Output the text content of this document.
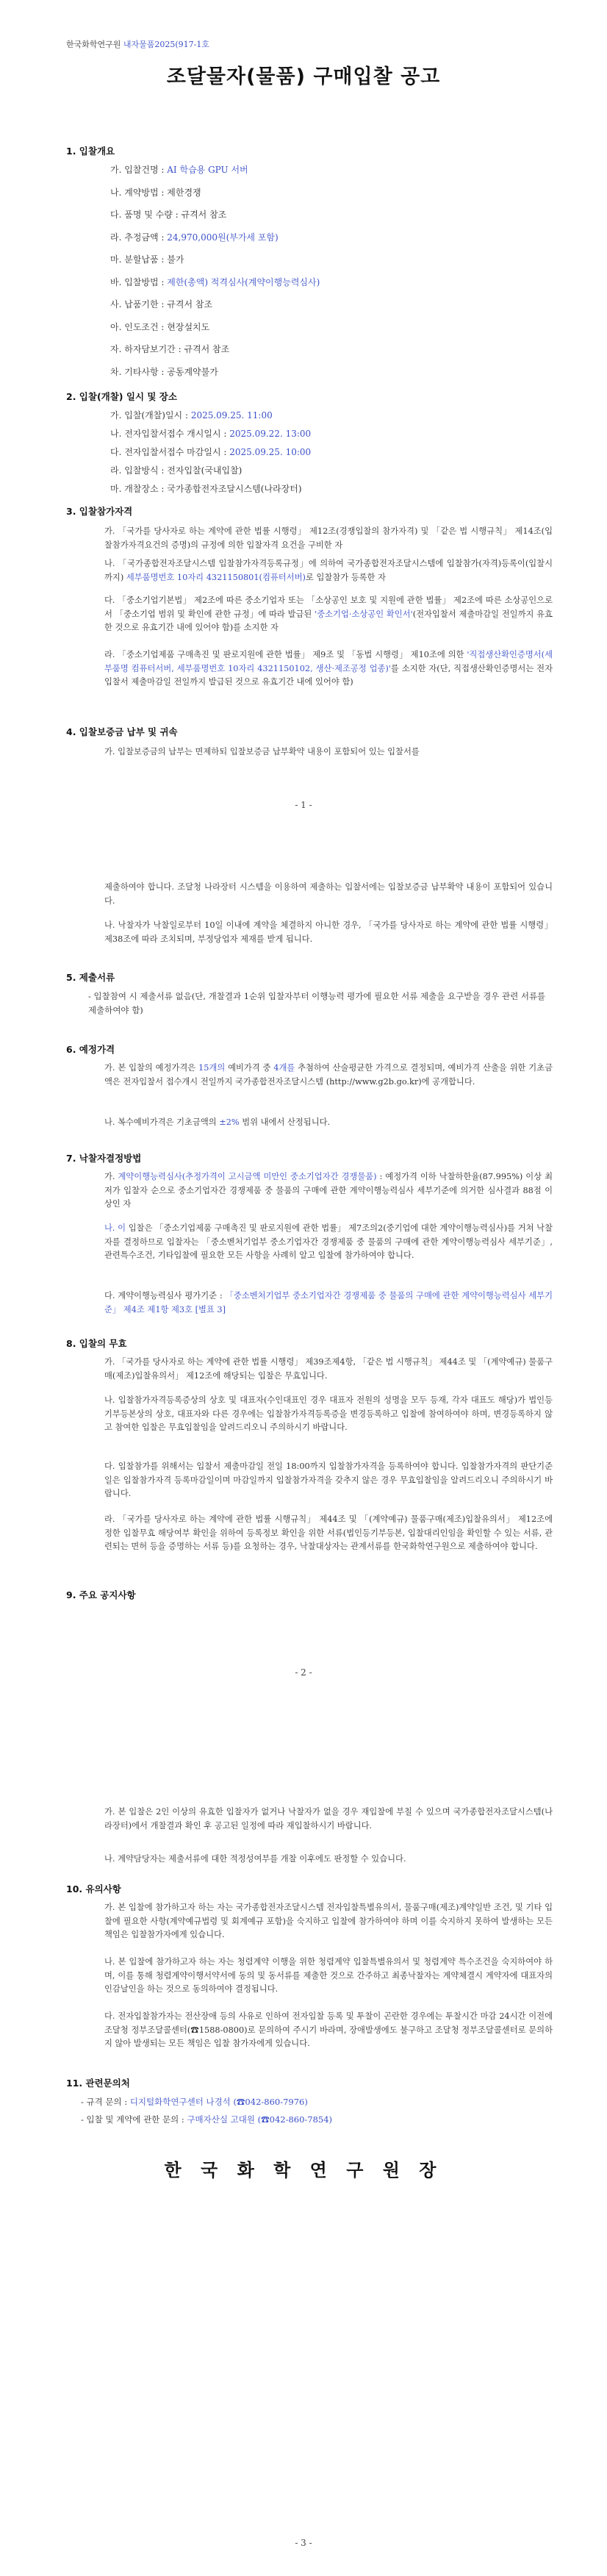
한국화학연구원 내자물품2025(917-1호
조달물자(물품) 구매입찰 공고
1. 입찰개요
가. 입찰건명 : AI 학습용 GPU 서버
나. 계약방법 : 제한경쟁
다. 품명 및 수량 : 규격서 참조
라. 추정금액 : 24,970,000원(부가세 포함)
마. 분할납품 : 불가
바. 입찰방법 : 제한(총액) 적격심사(계약이행능력심사)
사. 납품기한 : 규격서 참조
아. 인도조건 : 현장설치도
자. 하자담보기간 : 규격서 참조
차. 기타사항 : 공동계약불가
2. 입찰(개찰) 일시 및 장소
가. 입찰(개찰)일시 : 2025.09.25. 11:00
나. 전자입찰서접수 개시일시 : 2025.09.22. 13:00
다. 전자입찰서접수 마감일시 : 2025.09.25. 10:00
라. 입찰방식 : 전자입찰(국내입찰)
마. 개찰장소 : 국가종합전자조달시스템(나라장터)
3. 입찰참가자격
가. 「국가를 당사자로 하는 계약에 관한 법률 시행령」 제12조(경쟁입찰의 참가자격) 및 「같은 법 시행규칙」 제14조(입찰참가자격요건의 증명)의 규정에 의한 입찰자격 요건을 구비한 자
나. 「국가종합전자조달시스템 입찰참가자격등록규정」에 의하여 국가종합전자조달시스템에 입찰참가(자격)등록이(입찰시까지) 세부품명번호 10자리 4321150801(컴퓨터서버)로 입찰참가 등록한 자
다. 「중소기업기본법」 제2조에 따른 중소기업자 또는 「소상공인 보호 및 지원에 관한 법률」 제2조에 따른 소상공인으로서 「중소기업 범위 및 확인에 관한 규정」에 따라 발급된 '중소기업·소상공인 확인서'(전자입찰서 제출마감일 전일까지 유효한 것으로 유효기간 내에 있어야 함)를 소지한 자
라. 「중소기업제품 구매촉진 및 판로지원에 관한 법률」 제9조 및 「동법 시행령」 제10조에 의한 '직접생산확인증명서(세부품명 컴퓨터서버, 세부품명번호 10자리 4321150102, 생산·제조공정 업종)'를 소지한 자(단, 직접생산확인증명서는 전자입찰서 제출마감일 전일까지 발급된 것으로 유효기간 내에 있어야 함)
4. 입찰보증금 납부 및 귀속
가. 입찰보증금의 납부는 면제하되 입찰보증금 납부확약 내용이 포함되어 있는 입찰서를
- 1 -
제출하여야 합니다. 조달청 나라장터 시스템을 이용하여 제출하는 입찰서에는 입찰보증금 납부확약 내용이 포함되어 있습니다.
나. 낙찰자가 낙찰일로부터 10일 이내에 계약을 체결하지 아니한 경우, 「국가를 당사자로 하는 계약에 관한 법률 시행령」 제38조에 따라 조치되며, 부정당업자 제재를 받게 됩니다.
5. 제출서류
- 입찰참여 시 제출서류 없음(단, 개찰결과 1순위 입찰자부터 이행능력 평가에 필요한 서류 제출을 요구받을 경우 관련 서류를 제출하여야 함)
6. 예정가격
가. 본 입찰의 예정가격은 15개의 예비가격 중 4개를 추첨하여 산술평균한 가격으로 결정되며, 예비가격 산출을 위한 기초금액은 전자입찰서 접수개시 전일까지 국가종합전자조달시스템 (http://www.g2b.go.kr)에 공개합니다.
나. 복수예비가격은 기초금액의 ±2% 범위 내에서 산정됩니다.
7. 낙찰자결정방법
가. 계약이행능력심사(추정가격이 고시금액 미만인 중소기업자간 경쟁물품) : 예정가격 이하 낙찰하한율(87.995%) 이상 최저가 입찰자 순으로 중소기업자간 경쟁제품 중 물품의 구매에 관한 계약이행능력심사 세부기준에 의거한 심사결과 88점 이상인 자
나. 이 입찰은 「중소기업제품 구매촉진 및 판로지원에 관한 법률」 제7조의2(중기업에 대한 계약이행능력심사)를 거쳐 낙찰자를 결정하므로 입찰자는 「중소벤처기업부 중소기업자간 경쟁제품 중 물품의 구매에 관한 계약이행능력심사 세부기준」, 관련특수조건, 기타입찰에 필요한 모든 사항을 사례히 알고 입찰에 참가하여야 합니다.
다. 계약이행능력심사 평가기준 : 「중소벤처기업부 중소기업자간 경쟁제품 중 물품의 구매에 관한 계약이행능력심사 세부기준」 제4조 제1항 제3호 [별표 3]
8. 입찰의 무효
가. 「국가를 당사자로 하는 계약에 관한 법률 시행령」 제39조제4항, 「같은 법 시행규칙」 제44조 및 「(계약예규) 물품구매(제조)입찰유의서」 제12조에 해당되는 입찰은 무효입니다.
나. 입찰참가자격등록증상의 상호 및 대표자(수인대표인 경우 대표자 전원의 성명을 모두 등재, 각자 대표도 해당)가 법인등기부등본상의 상호, 대표자와 다른 경우에는 입찰참가자격등록증을 변경등록하고 입찰에 참여하여야 하며, 변경등록하지 않고 참여한 입찰은 무효입찰임을 알려드리오니 주의하시기 바랍니다.
다. 입찰참가를 위해서는 입찰서 제출마감일 전일 18:00까지 입찰참가자격을 등록하여야 합니다. 입찰참가자격의 판단기준일은 입찰참가자격 등록마감일이며 마감일까지 입찰참가자격을 갖추지 않은 경우 무효입찰임을 알려드리오니 주의하시기 바랍니다.
라. 「국가를 당사자로 하는 계약에 관한 법률 시행규칙」 제44조 및 「(계약예규) 물품구매(제조)입찰유의서」 제12조에 정한 입찰무효 해당여부 확인을 위하여 등록정보 확인을 위한 서류(법인등기부등본, 입찰대리인임을 확인할 수 있는 서류, 관련되는 면허 등을 증명하는 서류 등)를 요청하는 경우, 낙찰대상자는 관계서류를 한국화학연구원으로 제출하여야 합니다.
9. 주요 공지사항
- 2 -
가. 본 입찰은 2인 이상의 유효한 입찰자가 없거나 낙찰자가 없을 경우 재입찰에 부칠 수 있으며 국가종합전자조달시스템(나라장터)에서 개찰결과 확인 후 공고된 일정에 따라 재입찰하시기 바랍니다.
나. 계약담당자는 제출서류에 대한 적정성여부를 개찰 이후에도 판정할 수 있습니다.
10. 유의사항
가. 본 입찰에 참가하고자 하는 자는 국가종합전자조달시스템 전자입찰특별유의서, 물품구매(제조)계약일반 조건, 및 기타 입찰에 필요한 사항(계약예규법령 및 회계예규 포함)을 숙지하고 입찰에 참가하여야 하며 이를 숙지하지 못하여 발생하는 모든 책임은 입찰참가자에게 있습니다.
나. 본 입찰에 참가하고자 하는 자는 청렴계약 이행을 위한 청렴계약 입찰특별유의서 및 청렴계약 특수조건을 숙지하여야 하며, 이를 통해 청렴계약이행서약서에 동의 및 동서류를 제출한 것으로 간주하고 최종낙찰자는 계약체결시 계약자에 대표자의 인감날인을 하는 것으로 동의하여야 결정됩니다.
다. 전자입찰참가자는 전산장애 등의 사유로 인하여 전자입찰 등록 및 투찰이 곤란한 경우에는 투찰시간 마감 24시간 이전에 조달청 정부조달콜센터(☎1588-0800)로 문의하여 주시기 바라며, 장애발생에도 불구하고 조달청 정부조달콜센터로 문의하지 않아 발생되는 모든 책임은 입찰 참가자에게 있습니다.
11. 관련문의처
- 규격 문의 : 디지털화학연구센터 나경석 (☎042-860-7976)
- 입찰 및 계약에 관한 문의 : 구매자산실 고대원 (☎042-860-7854)
한 국 화 학 연 구 원 장
- 3 -
